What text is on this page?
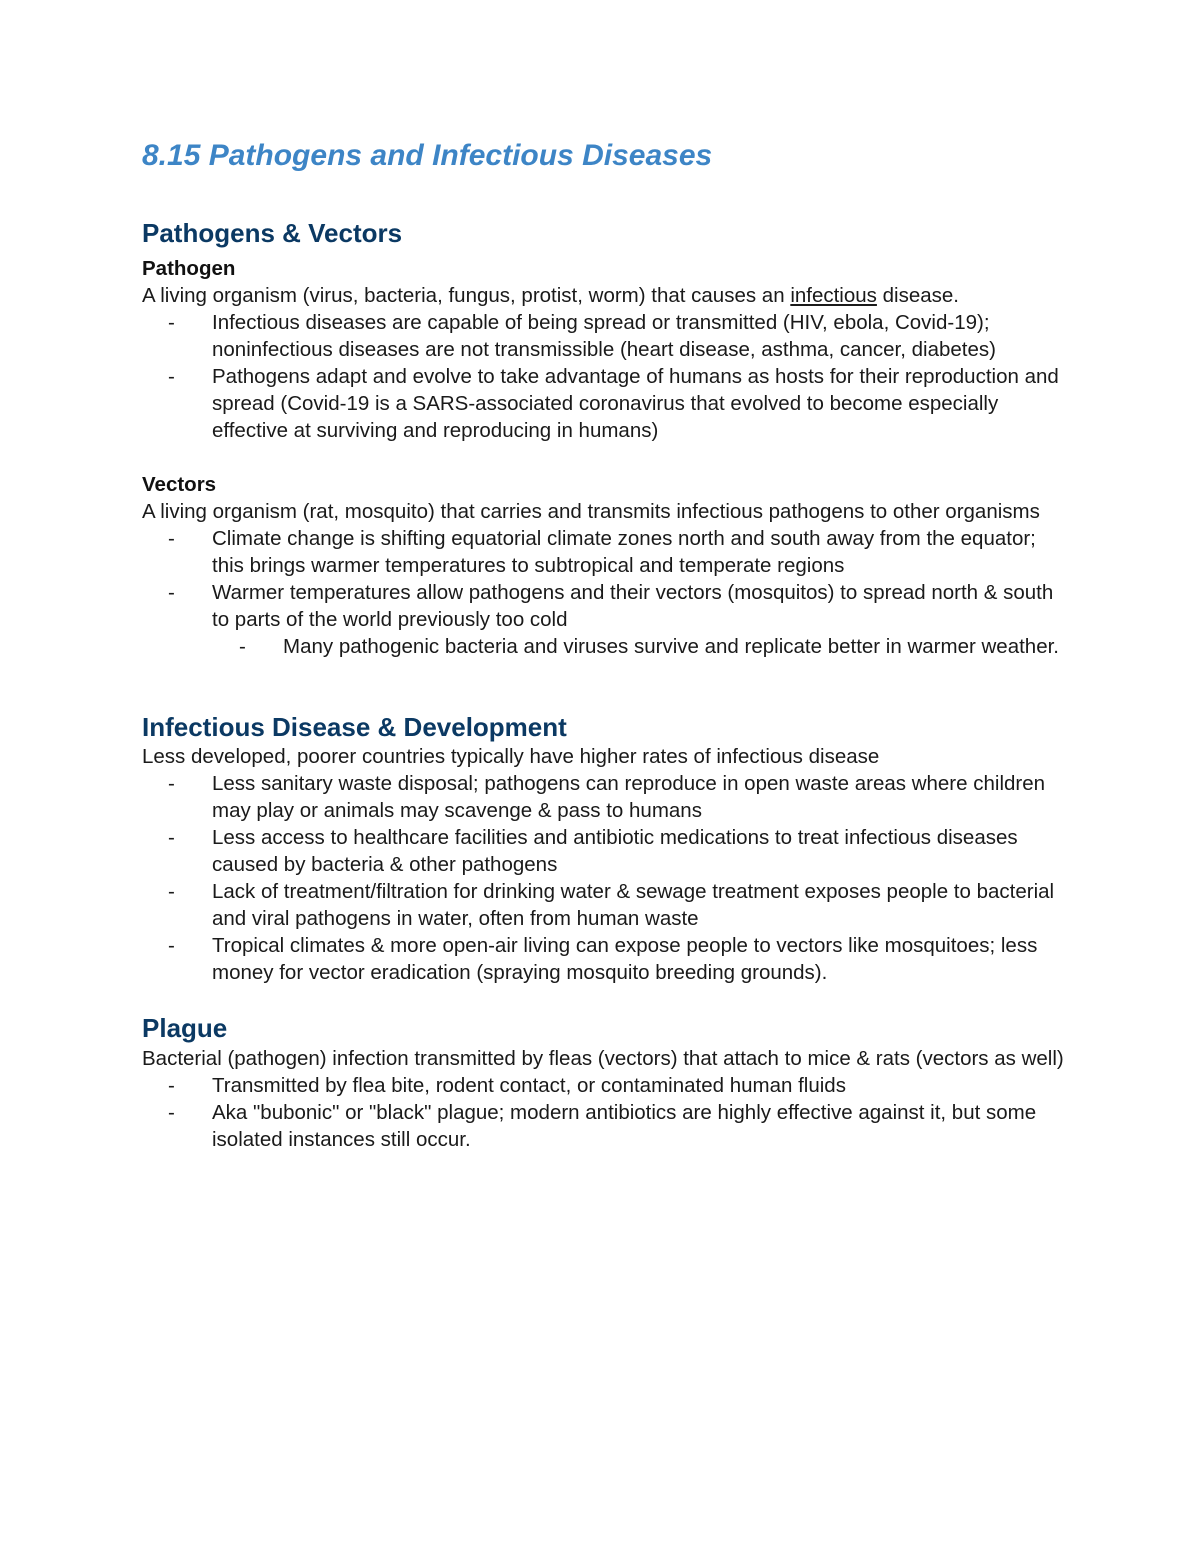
8.15 Pathogens and Infectious Diseases
Pathogens & Vectors
Pathogen

A living organism (virus, bacteria, fungus, protist, worm) that causes an infectious disease.

- Infectious diseases are capable of being spread or transmitted (HIV, ebola, Covid-19); noninfectious diseases are not transmissible (heart disease, asthma, cancer, diabetes)
- Pathogens adapt and evolve to take advantage of humans as hosts for their reproduction and spread (Covid-19 is a SARS-associated coronavirus that evolved to become especially effective at surviving and reproducing in humans)
Vectors

A living organism (rat, mosquito) that carries and transmits infectious pathogens to other organisms

- Climate change is shifting equatorial climate zones north and south away from the equator; this brings warmer temperatures to subtropical and temperate regions
- Warmer temperatures allow pathogens and their vectors (mosquitos) to spread north & south to parts of the world previously too cold
- Many pathogenic bacteria and viruses survive and replicate better in warmer weather.
Infectious Disease & Development

Less developed, poorer countries typically have higher rates of infectious disease

- Less sanitary waste disposal; pathogens can reproduce in open waste areas where children may play or animals may scavenge & pass to humans
- Less access to healthcare facilities and antibiotic medications to treat infectious diseases caused by bacteria & other pathogens
- Lack of treatment/filtration for drinking water & sewage treatment exposes people to bacterial and viral pathogens in water, often from human waste
- Tropical climates & more open-air living can expose people to vectors like mosquitoes; less money for vector eradication (spraying mosquito breeding grounds).
Plague

Bacterial (pathogen) infection transmitted by fleas (vectors) that attach to mice & rats (vectors as well)

- Transmitted by flea bite, rodent contact, or contaminated human fluids
- Aka "bubonic" or "black" plague; modern antibiotics are highly effective against it, but some isolated instances still occur.
